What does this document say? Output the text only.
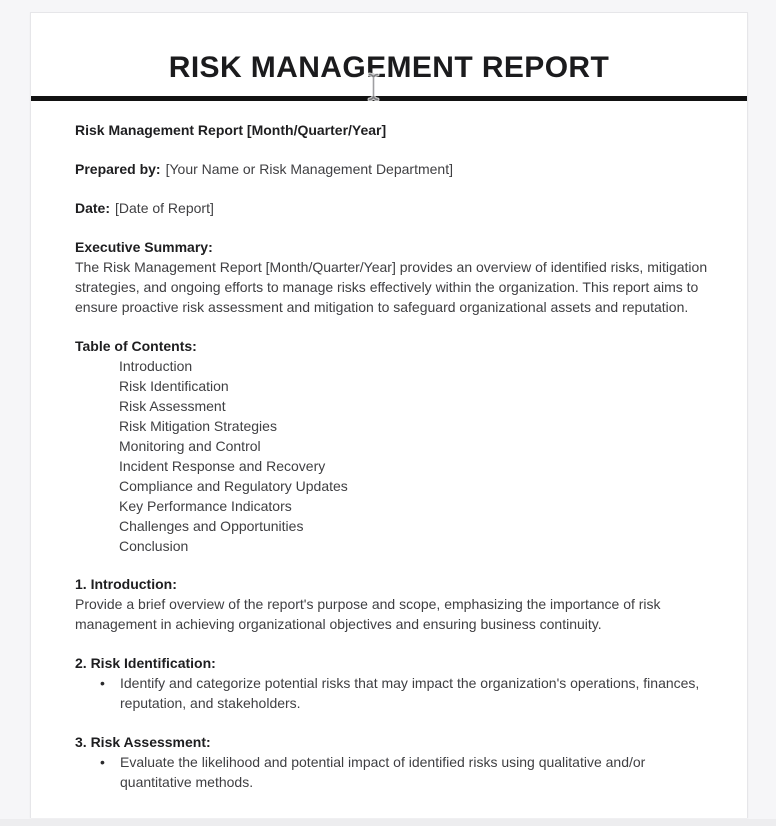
RISK MANAGEMENT REPORT

Risk Management Report [Month/Quarter/Year]

Prepared by: [Your Name or Risk Management Department]

Date: [Date of Report]

Executive Summary:

The Risk Management Report [Month/Quarter/Year] provides an overview of identified risks, mitigation strategies, and ongoing efforts to manage risks effectively within the organization. This report aims to ensure proactive risk assessment and mitigation to safeguard organizational assets and reputation.

Table of Contents:

Introduction
Risk Identification
Risk Assessment
Risk Mitigation Strategies
Monitoring and Control
Incident Response and Recovery
Compliance and Regulatory Updates
Key Performance Indicators
Challenges and Opportunities
Conclusion

1. Introduction:

Provide a brief overview of the report's purpose and scope, emphasizing the importance of risk management in achieving organizational objectives and ensuring business continuity.

2. Risk Identification:

• Identify and categorize potential risks that may impact the organization's operations, finances, reputation, and stakeholders.

3. Risk Assessment:

• Evaluate the likelihood and potential impact of identified risks using qualitative and/or quantitative methods.
